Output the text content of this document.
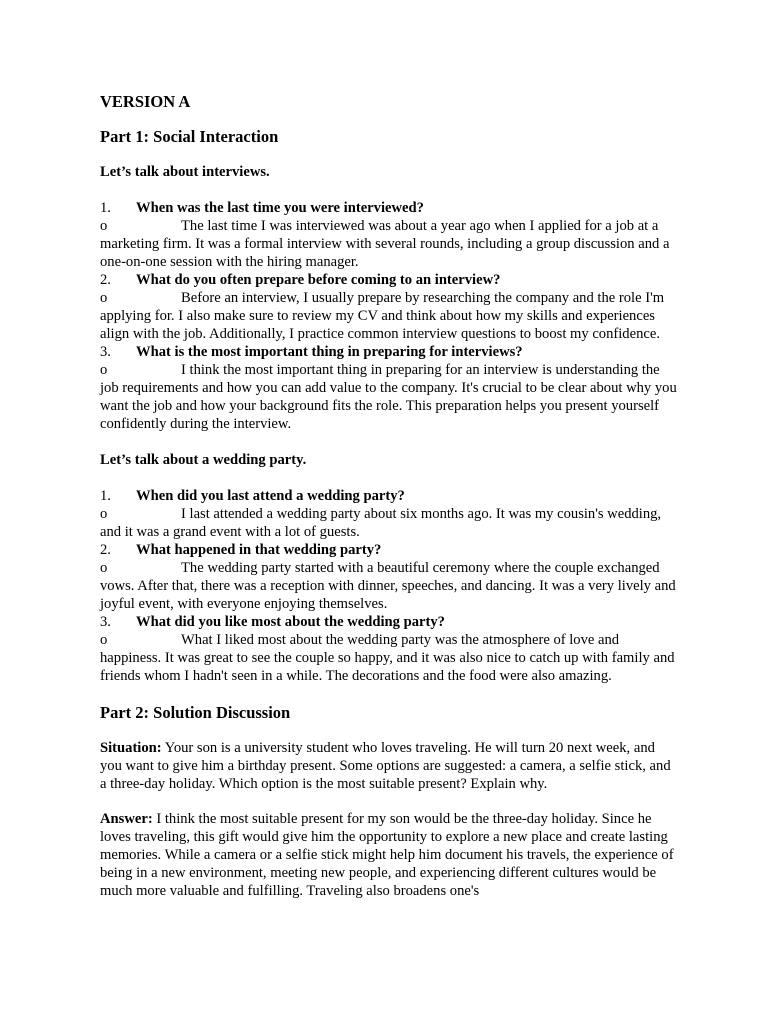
VERSION A
Part 1: Social Interaction
Let’s talk about interviews.
1.	When was the last time you were interviewed?
o	The last time I was interviewed was about a year ago when I applied for a job at a marketing firm. It was a formal interview with several rounds, including a group discussion and a one-on-one session with the hiring manager.
2.	What do you often prepare before coming to an interview?
o	Before an interview, I usually prepare by researching the company and the role I'm applying for. I also make sure to review my CV and think about how my skills and experiences align with the job. Additionally, I practice common interview questions to boost my confidence.
3.	What is the most important thing in preparing for interviews?
o	I think the most important thing in preparing for an interview is understanding the job requirements and how you can add value to the company. It's crucial to be clear about why you want the job and how your background fits the role. This preparation helps you present yourself confidently during the interview.
Let’s talk about a wedding party.
1.	When did you last attend a wedding party?
o	I last attended a wedding party about six months ago. It was my cousin's wedding, and it was a grand event with a lot of guests.
2.	What happened in that wedding party?
o	The wedding party started with a beautiful ceremony where the couple exchanged vows. After that, there was a reception with dinner, speeches, and dancing. It was a very lively and joyful event, with everyone enjoying themselves.
3.	What did you like most about the wedding party?
o	What I liked most about the wedding party was the atmosphere of love and happiness. It was great to see the couple so happy, and it was also nice to catch up with family and friends whom I hadn't seen in a while. The decorations and the food were also amazing.
Part 2: Solution Discussion
Situation: Your son is a university student who loves traveling. He will turn 20 next week, and you want to give him a birthday present. Some options are suggested: a camera, a selfie stick, and a three-day holiday. Which option is the most suitable present? Explain why.
Answer: I think the most suitable present for my son would be the three-day holiday. Since he loves traveling, this gift would give him the opportunity to explore a new place and create lasting memories. While a camera or a selfie stick might help him document his travels, the experience of being in a new environment, meeting new people, and experiencing different cultures would be much more valuable and fulfilling. Traveling also broadens one's
